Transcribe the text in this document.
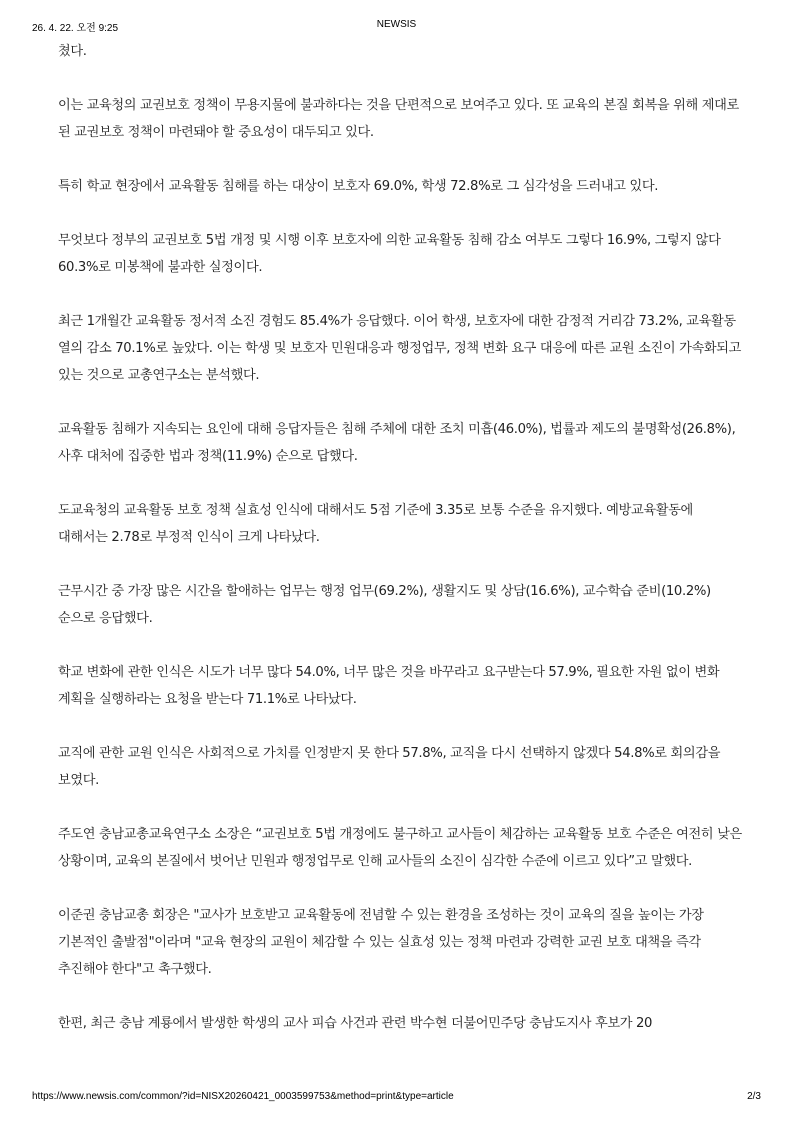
26. 4. 22. 오전 9:25	NEWSIS

쳤다.

이는 교육청의 교권보호 정책이 무용지물에 불과하다는 것을 단편적으로 보여주고 있다. 또 교육의 본질 회복을 위해 제대로 된 교권보호 정책이 마련돼야 할 중요성이 대두되고 있다.

특히 학교 현장에서 교육활동 침해를 하는 대상이 보호자 69.0%, 학생 72.8%로 그 심각성을 드러내고 있다.

무엇보다 정부의 교권보호 5법 개정 및 시행 이후 보호자에 의한 교육활동 침해 감소 여부도 그렇다 16.9%, 그렇지 않다 60.3%로 미봉책에 불과한 실정이다.

최근 1개월간 교육활동 정서적 소진 경험도 85.4%가 응답했다. 이어 학생, 보호자에 대한 감정적 거리감 73.2%, 교육활동 열의 감소 70.1%로 높았다. 이는 학생 및 보호자 민원대응과 행정업무, 정책 변화 요구 대응에 따른 교원 소진이 가속화되고 있는 것으로 교총연구소는 분석했다.

교육활동 침해가 지속되는 요인에 대해 응답자들은 침해 주체에 대한 조치 미흡(46.0%), 법률과 제도의 불명확성(26.8%), 사후 대처에 집중한 법과 정책(11.9%) 순으로 답했다.

도교육청의 교육활동 보호 정책 실효성 인식에 대해서도 5점 기준에 3.35로 보통 수준을 유지했다. 예방교육활동에 대해서는 2.78로 부정적 인식이 크게 나타났다.

근무시간 중 가장 많은 시간을 할애하는 업무는 행정 업무(69.2%), 생활지도 및 상담(16.6%), 교수학습 준비(10.2%) 순으로 응답했다.

학교 변화에 관한 인식은 시도가 너무 많다 54.0%, 너무 많은 것을 바꾸라고 요구받는다 57.9%, 필요한 자원 없이 변화 계획을 실행하라는 요청을 받는다 71.1%로 나타났다.

교직에 관한 교원 인식은 사회적으로 가치를 인정받지 못 한다 57.8%, 교직을 다시 선택하지 않겠다 54.8%로 회의감을 보였다.

주도연 충남교총교육연구소 소장은 “교권보호 5법 개정에도 불구하고 교사들이 체감하는 교육활동 보호 수준은 여전히 낮은 상황이며, 교육의 본질에서 벗어난 민원과 행정업무로 인해 교사들의 소진이 심각한 수준에 이르고 있다”고 말했다.

이준권 충남교총 회장은 "교사가 보호받고 교육활동에 전념할 수 있는 환경을 조성하는 것이 교육의 질을 높이는 가장 기본적인 출발점"이라며 "교육 현장의 교원이 체감할 수 있는 실효성 있는 정책 마련과 강력한 교권 보호 대책을 즉각 추진해야 한다"고 촉구했다.

한편, 최근 충남 계룡에서 발생한 학생의 교사 피습 사건과 관련 박수현 더불어민주당 충남도지사 후보가 20

https://www.newsis.com/common/?id=NISX20260421_0003599753&method=print&type=article	2/3
